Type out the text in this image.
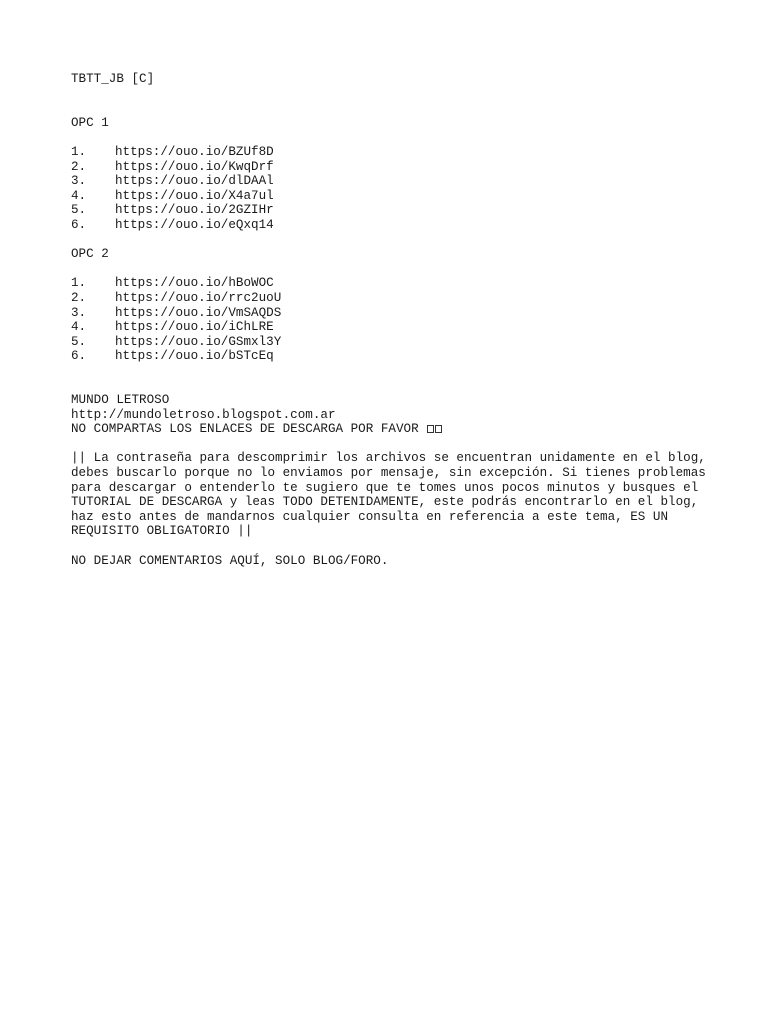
TBTT_JB [C]
OPC 1
1.	https://ouo.io/BZUf8D
2.	https://ouo.io/KwqDrf
3.	https://ouo.io/dlDAAl
4.	https://ouo.io/X4a7ul
5.	https://ouo.io/2GZIHr
6.	https://ouo.io/eQxq14
OPC 2
1.	https://ouo.io/hBoWOC
2.	https://ouo.io/rrc2uoU
3.	https://ouo.io/VmSAQDS
4.	https://ouo.io/iChLRE
5.	https://ouo.io/GSmxl3Y
6.	https://ouo.io/bSTcEq
MUNDO LETROSO
http://mundoletroso.blogspot.com.ar
NO COMPARTAS LOS ENLACES DE DESCARGA POR FAVOR
|| La contraseña para descomprimir los archivos se encuentran unidamente en el blog, debes buscarlo porque no lo enviamos por mensaje, sin excepción. Si tienes problemas para descargar o entenderlo te sugiero que te tomes unos pocos minutos y busques el TUTORIAL DE DESCARGA y leas TODO DETENIDAMENTE, este podrás encontrarlo en el blog, haz esto antes de mandarnos cualquier consulta en referencia a este tema, ES UN REQUISITO OBLIGATORIO ||
NO DEJAR COMENTARIOS AQUÍ, SOLO BLOG/FORO.
